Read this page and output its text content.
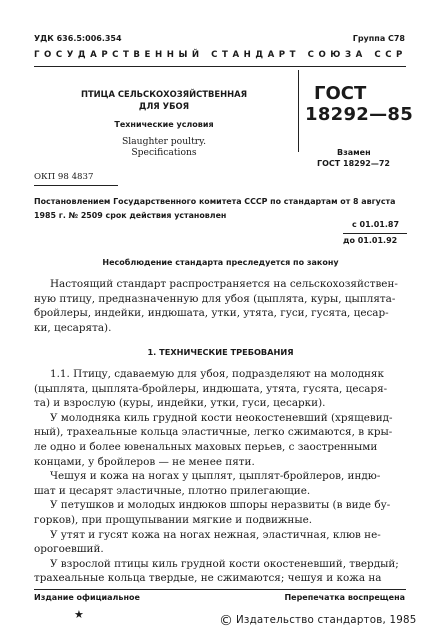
УДК 636.5:006.354	Группа С78
ГОСУДАРСТВЕННЫЙ СТАНДАРТ СОЮЗА ССР
ПТИЦА СЕЛЬСКОХОЗЯЙСТВЕННАЯ
ДЛЯ УБОЯ
Технические условия
Slaughter poultry.
Specifications
ГОСТ
18292—85
Взамен
ГОСТ 18292—72
ОКП 98 4837
Постановлением Государственного комитета СССР по стандартам от 8 августа
1985 г. № 2509 срок действия установлен
с 01.01.87
до 01.01.92
Несоблюдение стандарта преследуется по закону
Настоящий стандарт распространяется на сельскохозяйствен-
ную птицу, предназначенную для убоя (цыплята, куры, цыплята-
бройлеры, индейки, индюшата, утки, утята, гуси, гусята, цесар-
ки, цесарята).
1. ТЕХНИЧЕСКИЕ ТРЕБОВАНИЯ
1.1. Птицу, сдаваемую для убоя, подразделяют на молодняк
(цыплята, цыплята-бройлеры, индюшата, утята, гусята, цесаря-
та) и взрослую (куры, индейки, утки, гуси, цесарки).
У молодняка киль грудной кости неокостеневший (хрящевид-
ный), трахеальные кольца эластичные, легко сжимаются, в кры-
ле одно и более ювенальных маховых перьев, с заостренными
концами, у бройлеров — не менее пяти.
Чешуя и кожа на ногах у цыплят, цыплят-бройлеров, индю-
шат и цесарят эластичные, плотно прилегающие.
У петушков и молодых индюков шпоры неразвиты (в виде бу-
горков), при прощупывании мягкие и подвижные.
У утят и гусят кожа на ногах нежная, эластичная, клюв не-
орогоевший.
У взрослой птицы киль грудной кости окостеневший, твердый;
трахеальные кольца твердые, не сжимаются; чешуя и кожа на
Издание официальное	Перепечатка воспрещена
★	© Издательство стандартов, 1985
